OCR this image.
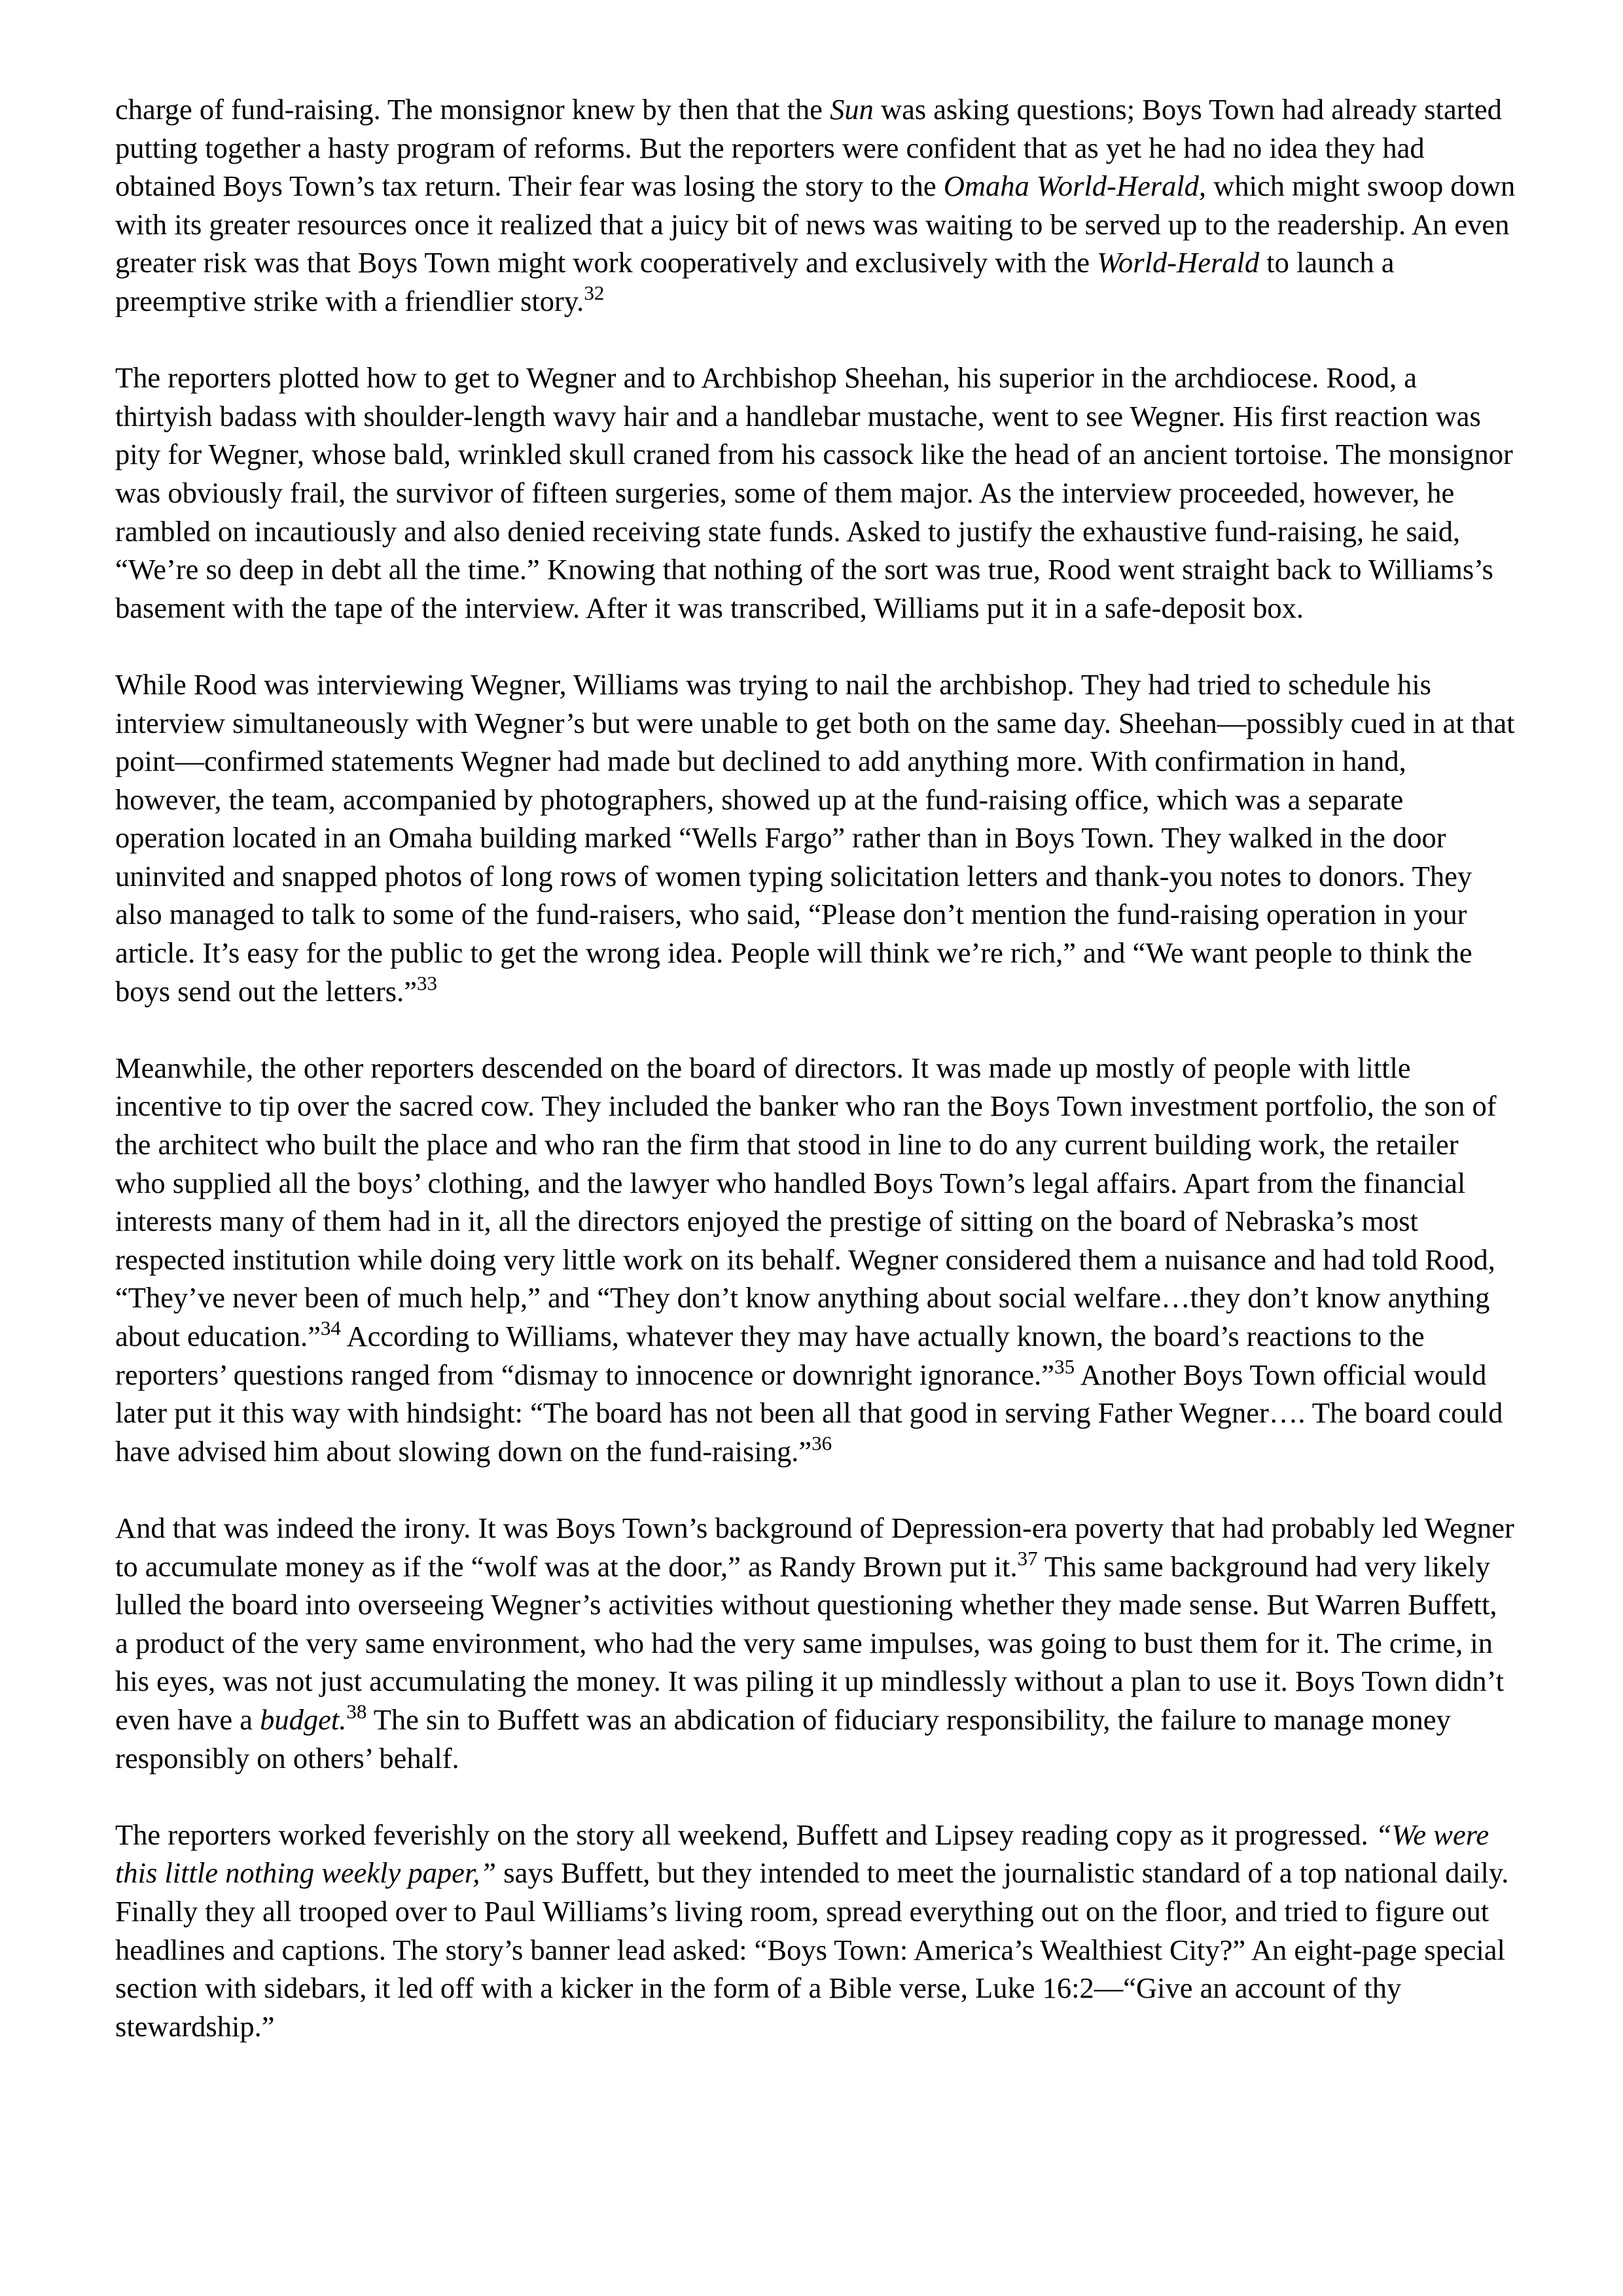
charge of fund-raising. The monsignor knew by then that the Sun was asking questions; Boys Town had already started putting together a hasty program of reforms. But the reporters were confident that as yet he had no idea they had obtained Boys Town’s tax return. Their fear was losing the story to the Omaha World-Herald, which might swoop down with its greater resources once it realized that a juicy bit of news was waiting to be served up to the readership. An even greater risk was that Boys Town might work cooperatively and exclusively with the World-Herald to launch a preemptive strike with a friendlier story.$^{32}$

The reporters plotted how to get to Wegner and to Archbishop Sheehan, his superior in the archdiocese. Rood, a thirtyish badass with shoulder-length wavy hair and a handlebar mustache, went to see Wegner. His first reaction was pity for Wegner, whose bald, wrinkled skull craned from his cassock like the head of an ancient tortoise. The monsignor was obviously frail, the survivor of fifteen surgeries, some of them major. As the interview proceeded, however, he rambled on incautiously and also denied receiving state funds. Asked to justify the exhaustive fund-raising, he said, “We’re so deep in debt all the time.” Knowing that nothing of the sort was true, Rood went straight back to Williams’s basement with the tape of the interview. After it was transcribed, Williams put it in a safe-deposit box.

While Rood was interviewing Wegner, Williams was trying to nail the archbishop. They had tried to schedule his interview simultaneously with Wegner’s but were unable to get both on the same day. Sheehan—possibly cued in at that point—confirmed statements Wegner had made but declined to add anything more. With confirmation in hand, however, the team, accompanied by photographers, showed up at the fund-raising office, which was a separate operation located in an Omaha building marked “Wells Fargo” rather than in Boys Town. They walked in the door uninvited and snapped photos of long rows of women typing solicitation letters and thank-you notes to donors. They also managed to talk to some of the fund-raisers, who said, “Please don’t mention the fund-raising operation in your article. It’s easy for the public to get the wrong idea. People will think we’re rich,” and “We want people to think the boys send out the letters.”$^{33}$

Meanwhile, the other reporters descended on the board of directors. It was made up mostly of people with little incentive to tip over the sacred cow. They included the banker who ran the Boys Town investment portfolio, the son of the architect who built the place and who ran the firm that stood in line to do any current building work, the retailer who supplied all the boys’ clothing, and the lawyer who handled Boys Town’s legal affairs. Apart from the financial interests many of them had in it, all the directors enjoyed the prestige of sitting on the board of Nebraska’s most respected institution while doing very little work on its behalf. Wegner considered them a nuisance and had told Rood, “They’ve never been of much help,” and “They don’t know anything about social welfare…they don’t know anything about education.”$^{34}$ According to Williams, whatever they may have actually known, the board’s reactions to the reporters’ questions ranged from “dismay to innocence or downright ignorance.”$^{35}$ Another Boys Town official would later put it this way with hindsight: “The board has not been all that good in serving Father Wegner…. The board could have advised him about slowing down on the fund-raising.”$^{36}$

And that was indeed the irony. It was Boys Town’s background of Depression-era poverty that had probably led Wegner to accumulate money as if the “wolf was at the door,” as Randy Brown put it.$^{37}$ This same background had very likely lulled the board into overseeing Wegner’s activities without questioning whether they made sense. But Warren Buffett, a product of the very same environment, who had the very same impulses, was going to bust them for it. The crime, in his eyes, was not just accumulating the money. It was piling it up mindlessly without a plan to use it. Boys Town didn’t even have a budget.$^{38}$ The sin to Buffett was an abdication of fiduciary responsibility, the failure to manage money responsibly on others’ behalf.

The reporters worked feverishly on the story all weekend, Buffett and Lipsey reading copy as it progressed. “We were this little nothing weekly paper,” says Buffett, but they intended to meet the journalistic standard of a top national daily. Finally they all trooped over to Paul Williams’s living room, spread everything out on the floor, and tried to figure out headlines and captions. The story’s banner lead asked: “Boys Town: America’s Wealthiest City?” An eight-page special section with sidebars, it led off with a kicker in the form of a Bible verse, Luke 16:2—“Give an account of thy stewardship.”
